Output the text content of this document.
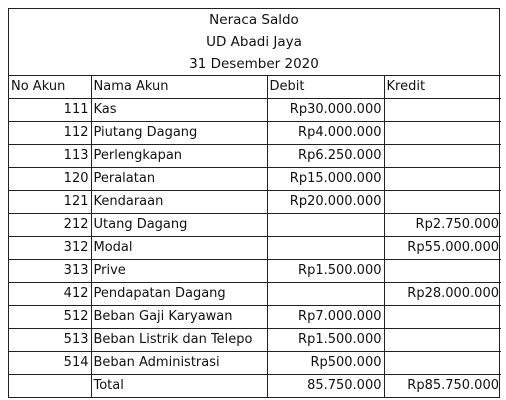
Neraca Saldo
UD Abadi Jaya
31 Desember 2020
No Akun	Nama Akun	Debit	Kredit
111	Kas	Rp30.000.000	
112	Piutang Dagang	Rp4.000.000	
113	Perlengkapan	Rp6.250.000	
120	Peralatan	Rp15.000.000	
121	Kendaraan	Rp20.000.000	
212	Utang Dagang		Rp2.750.000
312	Modal		Rp55.000.000
313	Prive	Rp1.500.000	
412	Pendapatan Dagang		Rp28.000.000
512	Beban Gaji Karyawan	Rp7.000.000	
513	Beban Listrik dan Telepo	Rp1.500.000	
514	Beban Administrasi	Rp500.000	
	Total	85.750.000	Rp85.750.000
